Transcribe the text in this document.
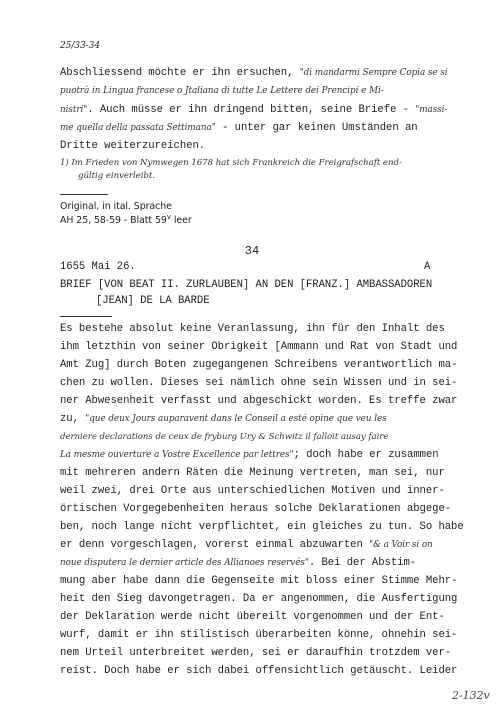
25/33-34
Abschliessend möchte er ihn ersuchen, "di mandarmi Sempre Copia se si
puotrà in Lingua francese o Jtaliana di tutte Le Lettere dei Prencipi e Mi-
nistri". Auch müsse er ihn dringend bitten, seine Briefe - "massi-
me quella della passata Settimana" - unter gar keinen Umständen an
Dritte weiterzureichen.
1) Im Frieden von Nymwegen 1678 hat sich Frankreich die Freigrafschaft end-
gültig einverleibt.
Original, in ital. Sprache
AH 25, 58-59 - Blatt 59$^v$ leer
34
1655 Mai 26.	A
BRIEF [VON BEAT II. ZURLAUBEN] AN DEN [FRANZ.] AMBASSADOREN
[JEAN] DE LA BARDE
Es bestehe absolut keine Veranlassung, ihn für den Inhalt des
ihm letzthin von seiner Obrigkeit [Ammann und Rat von Stadt und
Amt Zug] durch Boten zugegangenen Schreibens verantwortlich ma-
chen zu wollen. Dieses sei nämlich ohne sein Wissen und in sei-
ner Abwesenheit verfasst und abgeschickt worden. Es treffe zwar
zu, "que deux Jours auparavent dans le Conseil a esté opine que veu les
derniere declarations de ceux de fryburg Ury & Schwitz il falloit ausay faire
La mesme ouverture a Vostre Excellence par lettres"; doch habe er zusammen
mit mehreren andern Räten die Meinung vertreten, man sei, nur
weil zwei, drei Orte aus unterschiedlichen Motiven und inner-
örtischen Vorgegebenheiten heraus solche Deklarationen abgege-
ben, noch lange nicht verpflichtet, ein gleiches zu tun. So habe
er denn vorgeschlagen, vorerst einmal abzuwarten "& a Voir si on
noue disputera le dernier article des Allianoes reservés". Bei der Abstim-
mung aber habe dann die Gegenseite mit bloss einer Stimme Mehr-
heit den Sieg davongetragen. Da er angenommen, die Ausfertigung
der Deklaration werde nicht übereilt vorgenommen und der Ent-
wurf, damit er ihn stilistisch überarbeiten könne, ohnehin sei-
nem Urteil unterbreitet werden, sei er daraufhin trotzdem ver-
reist. Doch habe er sich dabei offensichtlich getäuscht. Leider
2-132v
